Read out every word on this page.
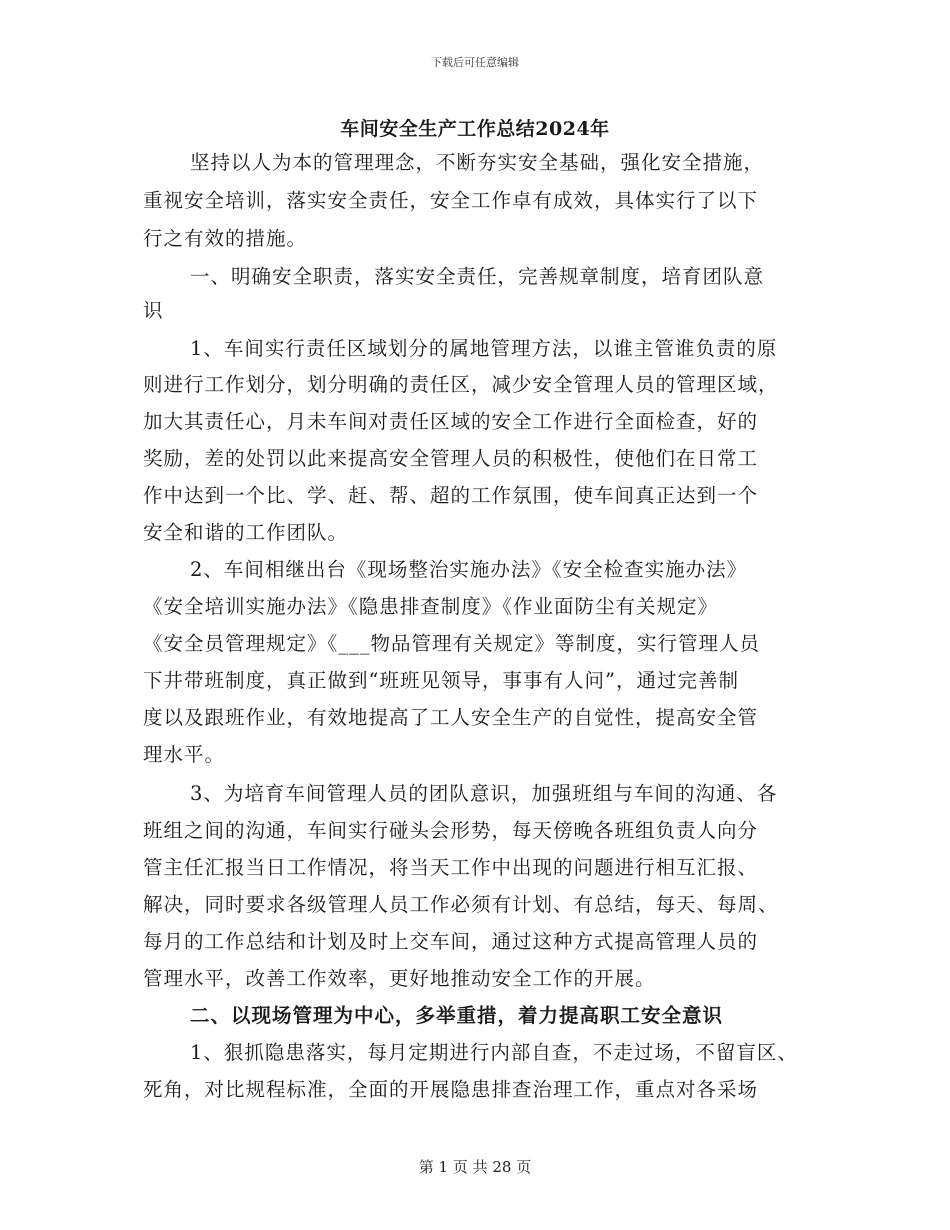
下载后可任意编辑
车间安全生产工作总结2024年
坚持以人为本的管理理念，不断夯实安全基础，强化安全措施，
重视安全培训，落实安全责任，安全工作卓有成效，具体实行了以下
行之有效的措施。
一、明确安全职责，落实安全责任，完善规章制度，培育团队意
识
1、车间实行责任区域划分的属地管理方法，以谁主管谁负责的原
则进行工作划分，划分明确的责任区，减少安全管理人员的管理区域，
加大其责任心，月未车间对责任区域的安全工作进行全面检查，好的
奖励，差的处罚以此来提高安全管理人员的积极性，使他们在日常工
作中达到一个比、学、赶、帮、超的工作氛围，使车间真正达到一个
安全和谐的工作团队。
2、车间相继出台《现场整治实施办法》《安全检查实施办法》
《安全培训实施办法》《隐患排查制度》《作业面防尘有关规定》
《安全员管理规定》《___物品管理有关规定》等制度，实行管理人员
下井带班制度，真正做到“班班见领导，事事有人问”，通过完善制
度以及跟班作业，有效地提高了工人安全生产的自觉性，提高安全管
理水平。
3、为培育车间管理人员的团队意识，加强班组与车间的沟通、各
班组之间的沟通，车间实行碰头会形势，每天傍晚各班组负责人向分
管主任汇报当日工作情况，将当天工作中出现的问题进行相互汇报、
解决，同时要求各级管理人员工作必须有计划、有总结，每天、每周、
每月的工作总结和计划及时上交车间，通过这种方式提高管理人员的
管理水平，改善工作效率，更好地推动安全工作的开展。
二、以现场管理为中心，多举重措，着力提高职工安全意识
1、狠抓隐患落实，每月定期进行内部自查，不走过场，不留盲区、
死角，对比规程标准，全面的开展隐患排查治理工作，重点对各采场
第 1 页 共 28 页
